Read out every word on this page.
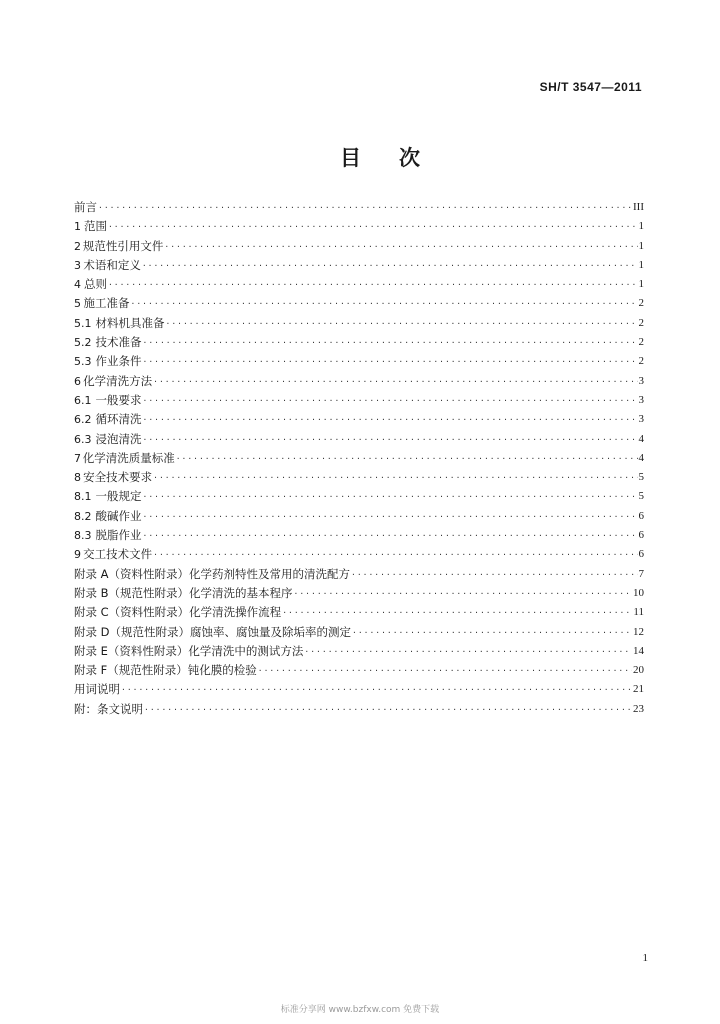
SH/T 3547—2011
目 次
前言 ·····	III
1 范围 ·····	1
2 规范性引用文件 ·····	1
3 术语和定义 ·····	1
4 总则 ·····	1
5 施工准备 ·····	2
5.1 材料机具准备 ·····	2
5.2 技术准备 ·····	2
5.3 作业条件 ·····	2
6 化学清洗方法 ·····	3
6.1 一般要求 ·····	3
6.2 循环清洗 ·····	3
6.3 浸泡清洗 ·····	4
7 化学清洗质量标准 ·····	4
8 安全技术要求 ·····	5
8.1 一般规定 ·····	5
8.2 酸碱作业 ·····	6
8.3 脱脂作业 ·····	6
9 交工技术文件 ·····	6
附录 A（资料性附录）化学药剂特性及常用的清洗配方 ·····	7
附录 B（规范性附录）化学清洗的基本程序 ·····	10
附录 C（资料性附录）化学清洗操作流程 ·····	11
附录 D（规范性附录）腐蚀率、腐蚀量及除垢率的测定 ·····	12
附录 E（资料性附录）化学清洗中的测试方法 ·····	14
附录 F（规范性附录）钝化膜的检验 ·····	20
用词说明 ·····	21
附：条文说明 ·····	23
1
标准分享网 www.bzfxw.com 免费下载
